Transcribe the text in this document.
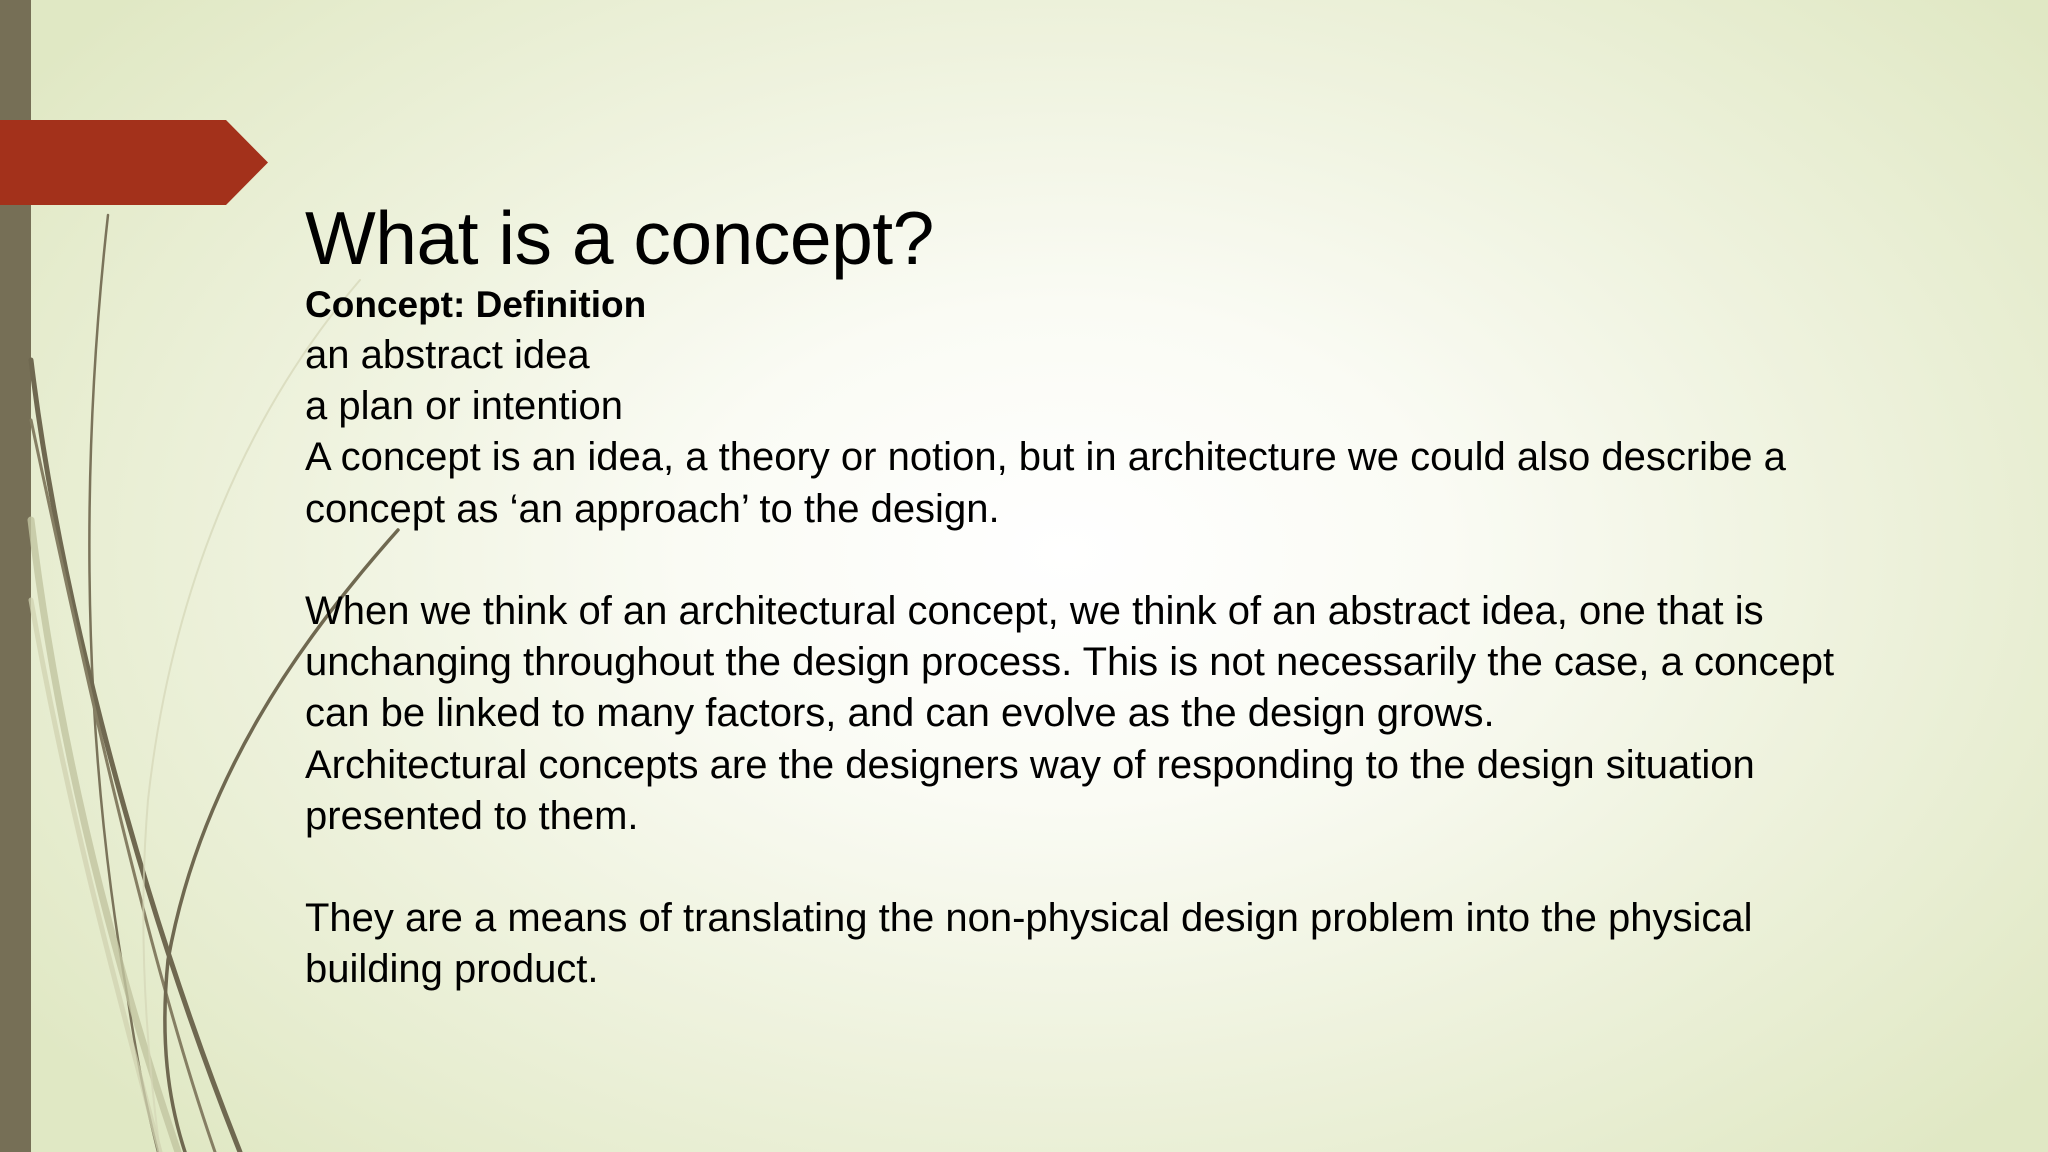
What is a concept?

Concept: Definition

an abstract idea

a plan or intention

A concept is an idea, a theory or notion, but in architecture we could also describe a

concept as ‘an approach’ to the design.

When we think of an architectural concept, we think of an abstract idea, one that is

unchanging throughout the design process. This is not necessarily the case, a concept

can be linked to many factors, and can evolve as the design grows.

Architectural concepts are the designers way of responding to the design situation

presented to them.

They are a means of translating the non-physical design problem into the physical

building product.
